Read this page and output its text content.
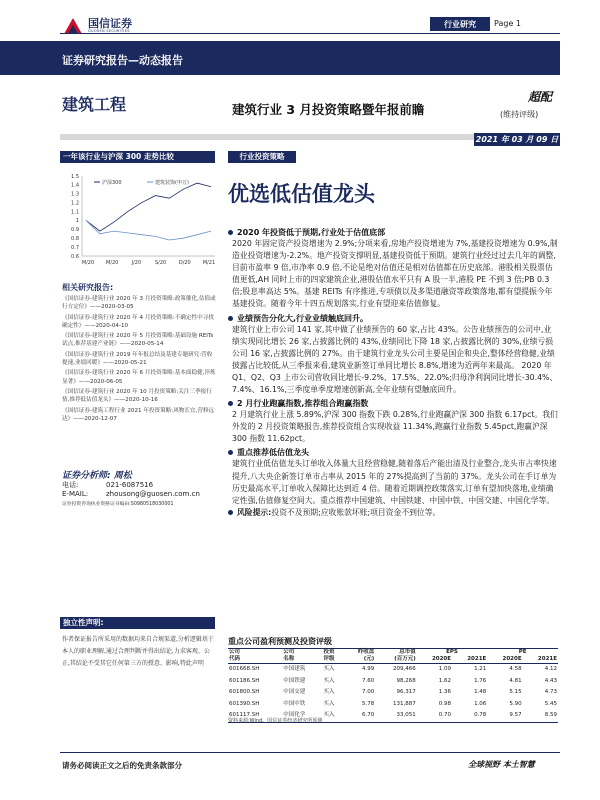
国信证券
GUOSEN SECURITIES
行业研究	Page 1
证券研究报告—动态报告
建筑工程	建筑行业 3 月投资策略暨年报前瞻
超配
(维持评级)
2021 年 03 月 09 日
一年该行业与沪深 300 走势比较
0.6
0.7
0.8
0.9
1
1.1
1.2
1.3
1.4
1.5
M/20 M/20	J/20	S/20	D/20 M/21
沪深300	建筑装饰(申万)
相关研究报告:
《国信证券-建筑行业 2020 年 3 月投资策略:政策催化,估值或行方定位》——2020-03-05
《国信证券-建筑行业 2020 年 4 月投资策略:不确定性中寻找确定性》——2020-04-10
《国信证券-建筑行业 2020 年 5 月投资策略:基础设施 REITs 试点,推荐基建产业链》——2020-05-14
《国信证券-建筑行业 2019 年年报总结及基建专题研究:营收提速,业绩回暖》——2020-05-21
《国信证券-建筑行业 2020 年 6 月投资策略:基本面稳健,淬炼显著》——2020-06-05
《国信证券-建筑行业 2020 年 10 月投资策略:关注三季报行情,推荐低估值龙头》——2020-10-16
《国信证券-建筑工程行业 2021 年投资策略:风物长宜,营修远达》——2020-12-07
证券分析师: 周松
电话:	021-6087516
E-MAIL:	zhousong@guosen.com.cn
证券投资咨询执业资格证书编码:S0980518030001
独立性声明:
作者保证报告所采用的数据均来自合规渠道,分析逻辑基于本人的职业理解,通过合理判断并得出结论,力求客观、公正,其结论不受其它任何第三方的授意、影响,特此声明
行业投资策略
优选低估值龙头
2020 年投资低于预期,行业处于估值底部
2020 年固定资产投资增速为 2.9%;分项来看,房地产投资增速为 7%,基建投资增速为 0.9%,制造业投资增速为-2.2%。地产投资支撑明显,基建投资低于预期。建筑行业经过过去几年的调整,目前市盈率 9 倍,市净率 0.9 倍,不论是绝对估值还是相对估值都在历史底部。港股相关股票估值更低,AH 同时上市的四家建筑企业,港股估值水平只有 A 股一半,港股 PE 不到 3 倍;PB 0.3 倍;股息率高达 5%。基建 REITs 有序推进,专项债以及多渠道融资等政策落地,都有望提振今年基建投资。随着今年十四五规划落实,行业有望迎来估值修复。
业绩预告分化大,行业业绩触底回升。
建筑行业上市公司 141 家,其中做了业绩预告的 60 家,占比 43%。公告业绩预告的公司中,业绩实现同比增长 26 家,占披露比例的 43%,业绩同比下降 18 家,占披露比例的 30%,业绩亏损公司 16 家,占披露比例的 27%。由于建筑行业龙头公司主要是国企和央企,整体经营稳健,业绩披露占比较低,从三季报来看,建筑业新签订单同比增长 8.8%,增速为近两年来最高。 2020 年 Q1、Q2、Q3 上市公司营收同比增长-9.2%、17.5%、22.0%;归母净利润同比增长-30.4%、7.4%、16.1%,三季度单季度增速创新高,全年业绩有望触底回升。
2 月行业跑赢指数,推荐组合跑赢指数
2 月建筑行业上涨 5.89%,沪深 300 指数下跌 0.28%,行业跑赢沪深 300 指数 6.17pct。我们外发的 2 月投资策略报告,推荐投资组合实现收益 11.34%,跑赢行业指数 5.45pct,跑赢沪深 300 指数 11.62pct。
重点推荐低估值龙头
建筑行业低估值龙头订单收入体量大且经营稳健,随着落后产能出清及行业整合,龙头市占率快速提升,八大央企新签订单市占率从 2015 年的 27%提高到了当前的 37%。龙头公司在手订单为历史最高水平,订单收入保障比达到近 4 倍。随着近期调控政策落实,订单有望加快落地,业绩确定性强,估值修复空间大。重点推荐中国建筑、中国铁建、中国中铁、中国交建、中国化学等。
风险提示:投资不及预期;应收账款坏账;项目资金不到位等。
重点公司盈利预测及投资评级
公司	公司	投资	昨收盘	总市值	EPS		PE	
代码	名称	评级	(元)	(百万元)	2020E	2021E	2020E	2021E
601668.SH	中国建筑	买入	4.99	209,466	1.09	1.21	4.58	4.12
601186.SH	中国铁建	买入	7.60	98,268	1.62	1.76	4.81	4.43
601800.SH	中国交建	买入	7.00	96,317	1.36	1.48	5.15	4.73
601390.SH	中国中铁	买入	5.78	131,887	0.98	1.06	5.90	5.45
601117.SH	中国化学	买入	6.70	33,051	0.70	0.78	9.57	8.59
资料来源:Wind、国信证券经济研究所预测
请务必阅读正文之后的免责条款部分	全球视野 本土智慧
